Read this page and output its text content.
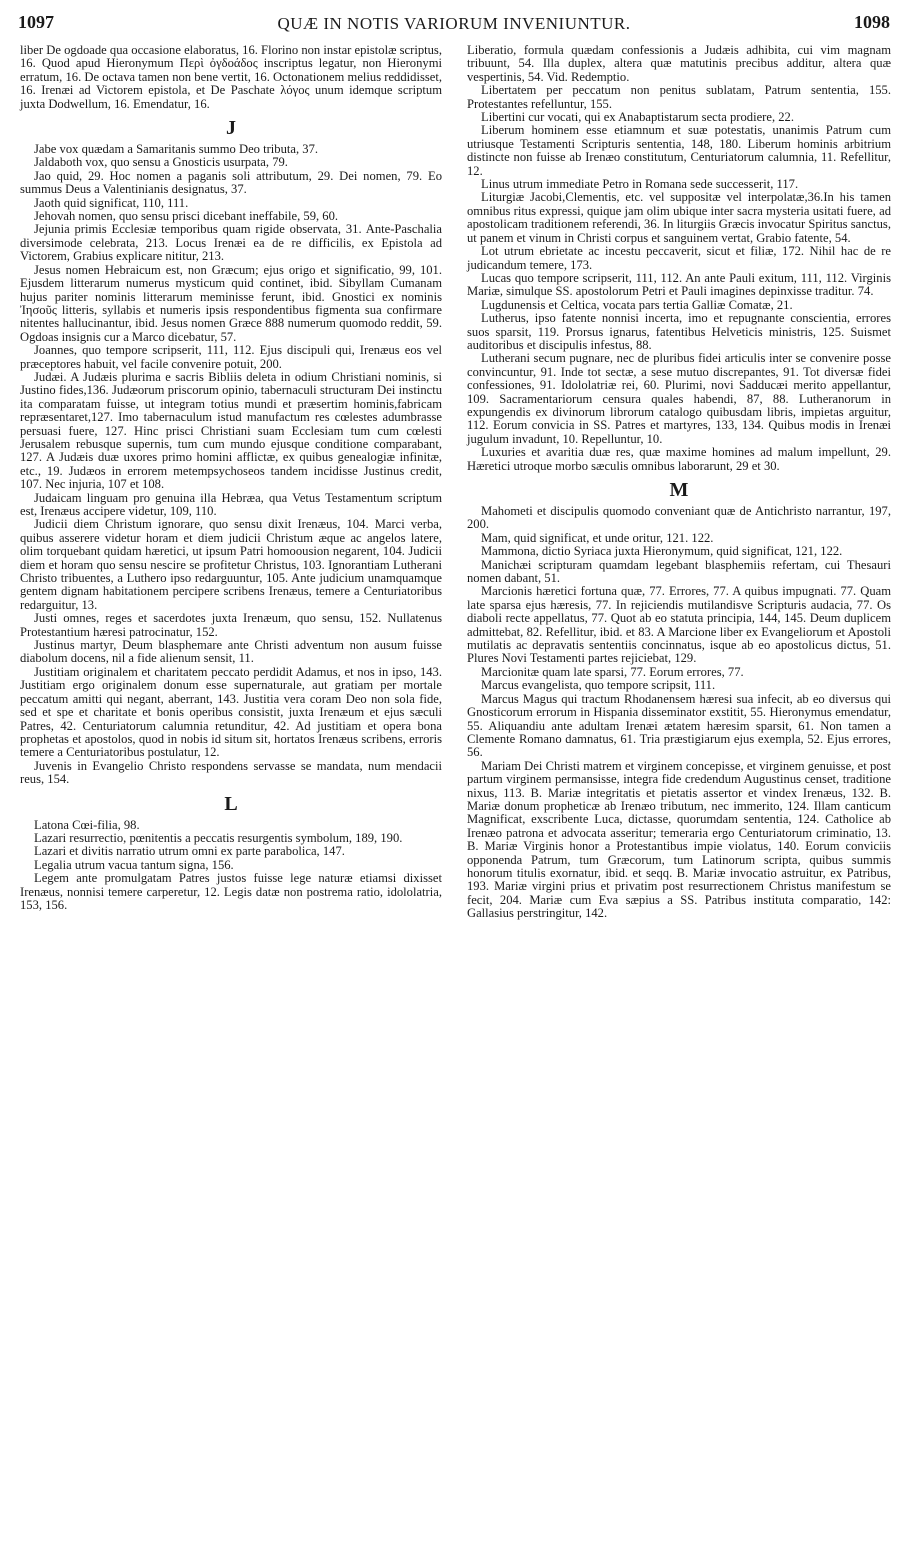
1097	QUÆ IN NOTIS VARIORUM INVENIUNTUR.	1098

liber De ogdoade qua occasione elaboratus, 16. Florino non instar epistolæ scriptus, 16. Quod apud Hieronymum Περὶ ὀγδοάδος inscriptus legatur, non Hieronymi erratum, 16. De octava tamen non bene vertit, 16. Octonationem melius reddidisset, 16. Irenæi ad Victorem epistola, et De Paschate λόγος unum idemque scriptum juxta Dodwellum, 16. Emendatur, 16.

J

Jabe vox quædam a Samaritanis summo Deo tributa, 37.

Jaldaboth vox, quo sensu a Gnosticis usurpata, 79.

Jao quid, 29. Hoc nomen a paganis soli attributum, 29. Dei nomen, 79. Eo summus Deus a Valentinianis designatus, 37.

Jaoth quid significat, 110, 111.

Jehovah nomen, quo sensu prisci dicebant ineffabile, 59, 60.

Jejunia primis Ecclesiæ temporibus quam rigide observata, 31. Ante-Paschalia diversimode celebrata, 213. Locus Irenæi ea de re difficilis, ex Epistola ad Victorem, Grabius explicare nititur, 213.

Jesus nomen Hebraicum est, non Græcum; ejus origo et significatio, 99, 101. Ejusdem litterarum numerus mysticum quid continet, ibid. Sibyllam Cumanam hujus pariter nominis litterarum meminisse ferunt, ibid. Gnostici ex nominis Ἰησοῦς litteris, syllabis et numeris ipsis respondentibus figmenta sua confirmare nitentes hallucinantur, ibid. Jesus nomen Græce 888 numerum quomodo reddit, 59. Ogdoas insignis cur a Marco dicebatur, 57.

Joannes, quo tempore scripserit, 111, 112. Ejus discipuli qui, Irenæus eos vel præceptores habuit, vel facile convenire potuit, 200.

Judæi. A Judæis plurima e sacris Bibliis deleta in odium Christiani nominis, si Justino fides,136. Judæorum priscorum opinio, tabernaculi structuram Dei instinctu ita comparatam fuisse, ut integram totius mundi et præsertim hominis,fabricam repræsentaret,127. Imo tabernaculum istud manufactum res cœlestes adumbrasse persuasi fuere, 127. Hinc prisci Christiani suam Ecclesiam tum cum cœlesti Jerusalem rebusque supernis, tum cum mundo ejusque conditione comparabant, 127. A Judæis duæ uxores primo homini afflictæ, ex quibus genealogiæ infinitæ, etc., 19. Judæos in errorem metempsychoseos tandem incidisse Justinus credit, 107. Nec injuria, 107 et 108.

Judaicam linguam pro genuina illa Hebræa, qua Vetus Testamentum scriptum est, Irenæus accipere videtur, 109, 110.

Judicii diem Christum ignorare, quo sensu dixit Irenæus, 104. Marci verba, quibus asserere videtur horam et diem judicii Christum æque ac angelos latere, olim torquebant quidam hæretici, ut ipsum Patri homoousion negarent, 104. Judicii diem et horam quo sensu nescire se profitetur Christus, 103. Ignorantiam Lutherani Christo tribuentes, a Luthero ipso redarguuntur, 105. Ante judicium unamquamque gentem dignam habitationem percipere scribens Irenæus, temere a Centuriatoribus redarguitur, 13.

Justi omnes, reges et sacerdotes juxta Irenæum, quo sensu, 152. Nullatenus Protestantium hæresi patrocinatur, 152.

Justinus martyr, Deum blasphemare ante Christi adventum non ausum fuisse diabolum docens, nil a fide alienum sensit, 11.

Justitiam originalem et charitatem peccato perdidit Adamus, et nos in ipso, 143. Justitiam ergo originalem donum esse supernaturale, aut gratiam per mortale peccatum amitti qui negant, aberrant, 143. Justitia vera coram Deo non sola fide, sed et spe et charitate et bonis operibus consistit, juxta Irenæum et ejus sæculi Patres, 42. Centuriatorum calumnia retunditur, 42. Ad justitiam et opera bona prophetas et apostolos, quod in nobis id situm sit, hortatos Irenæus scribens, erroris temere a Centuriatoribus postulatur, 12.

Juvenis in Evangelio Christo respondens servasse se mandata, num mendacii reus, 154.

L

Latona Cœi-filia, 98.

Lazari resurrectio, pœnitentis a peccatis resurgentis symbolum, 189, 190.

Lazari et divitis narratio utrum omni ex parte parabolica, 147.

Legalia utrum vacua tantum signa, 156.

Legem ante promulgatam Patres justos fuisse lege naturæ etiamsi dixisset Irenæus, nonnisi temere carperetur, 12. Legis datæ non postrema ratio, idololatria, 153, 156.

Liberatio, formula quædam confessionis a Judæis adhibita, cui vim magnam tribuunt, 54. Illa duplex, altera quæ matutinis precibus additur, altera quæ vespertinis, 54. Vid. Redemptio.

Libertatem per peccatum non penitus sublatam, Patrum sententia, 155. Protestantes refelluntur, 155.

Libertini cur vocati, qui ex Anabaptistarum secta prodiere, 22.

Liberum hominem esse etiamnum et suæ potestatis, unanimis Patrum cum utriusque Testamenti Scripturis sententia, 148, 180. Liberum hominis arbitrium distincte non fuisse ab Irenæo constitutum, Centuriatorum calumnia, 11. Refellitur, 12.

Linus utrum immediate Petro in Romana sede successerit, 117.

Liturgiæ Jacobi,Clementis, etc. vel suppositæ vel interpolatæ,36.In his tamen omnibus ritus expressi, quique jam olim ubique inter sacra mysteria usitati fuere, ad apostolicam traditionem referendi, 36. In liturgiis Græcis invocatur Spiritus sanctus, ut panem et vinum in Christi corpus et sanguinem vertat, Grabio fatente, 54.

Lot utrum ebrietate ac incestu peccaverit, sicut et filiæ, 172. Nihil hac de re judicandum temere, 173.

Lucas quo tempore scripserit, 111, 112. An ante Pauli exitum, 111, 112. Virginis Mariæ, simulque SS. apostolorum Petri et Pauli imagines depinxisse traditur. 74.

Lugdunensis et Celtica, vocata pars tertia Galliæ Comatæ, 21.

Lutherus, ipso fatente nonnisi incerta, imo et repugnante conscientia, errores suos sparsit, 119. Prorsus ignarus, fatentibus Helveticis ministris, 125. Suismet auditoribus et discipulis infestus, 88.

Lutherani secum pugnare, nec de pluribus fidei articulis inter se convenire posse convincuntur, 91. Inde tot sectæ, a sese mutuo discrepantes, 91. Tot diversæ fidei confessiones, 91. Idololatriæ rei, 60. Plurimi, novi Sadducæi merito appellantur, 109. Sacramentariorum censura quales habendi, 87, 88. Lutheranorum in expungendis ex divinorum librorum catalogo quibusdam libris, impietas arguitur, 112. Eorum convicia in SS. Patres et martyres, 133, 134. Quibus modis in Irenæi jugulum invadunt, 10. Repelluntur, 10.

Luxuries et avaritia duæ res, quæ maxime homines ad malum impellunt, 29. Hæretici utroque morbo sæculis omnibus laborarunt, 29 et 30.

M

Mahometi et discipulis quomodo conveniant quæ de Antichristo narrantur, 197, 200.

Mam, quid significat, et unde oritur, 121. 122.

Mammona, dictio Syriaca juxta Hieronymum, quid significat, 121, 122.

Manichæi scripturam quamdam legebant blasphemiis refertam, cui Thesauri nomen dabant, 51.

Marcionis hæretici fortuna quæ, 77. Errores, 77. A quibus impugnati. 77. Quam late sparsa ejus hæresis, 77. In rejiciendis mutilandisve Scripturis audacia, 77. Os diaboli recte appellatus, 77. Quot ab eo statuta principia, 144, 145. Deum duplicem admittebat, 82. Refellitur, ibid. et 83. A Marcione liber ex Evangeliorum et Apostoli mutilatis ac depravatis sententiis concinnatus, isque ab eo apostolicus dictus, 51. Plures Novi Testamenti partes rejiciebat, 129.

Marcionitæ quam late sparsi, 77. Eorum errores, 77.

Marcus evangelista, quo tempore scripsit, 111.

Marcus Magus qui tractum Rhodanensem hæresi sua infecit, ab eo diversus qui Gnosticorum errorum in Hispania disseminator exstitit, 55. Hieronymus emendatur, 55. Aliquandiu ante adultam Irenæi ætatem hæresim sparsit, 61. Non tamen a Clemente Romano damnatus, 61. Tria præstigiarum ejus exempla, 52. Ejus errores, 56.

Mariam Dei Christi matrem et virginem concepisse, et virginem genuisse, et post partum virginem permansisse, integra fide credendum Augustinus censet, traditione nixus, 113. B. Mariæ integritatis et pietatis assertor et vindex Irenæus, 132. B. Mariæ donum propheticæ ab Irenæo tributum, nec immerito, 124. Illam canticum Magnificat, exscribente Luca, dictasse, quorumdam sententia, 124. Catholice ab Irenæo patrona et advocata asseritur; temeraria ergo Centuriatorum criminatio, 13. B. Mariæ Virginis honor a Protestantibus impie violatus, 140. Eorum conviciis opponenda Patrum, tum Græcorum, tum Latinorum scripta, quibus summis honorum titulis exornatur, ibid. et seqq. B. Mariæ invocatio astruitur, ex Patribus, 193. Mariæ virgini prius et privatim post resurrectionem Christus manifestum se fecit, 204. Mariæ cum Eva sæpius a SS. Patribus instituta comparatio, 142: Gallasius perstringitur, 142.
